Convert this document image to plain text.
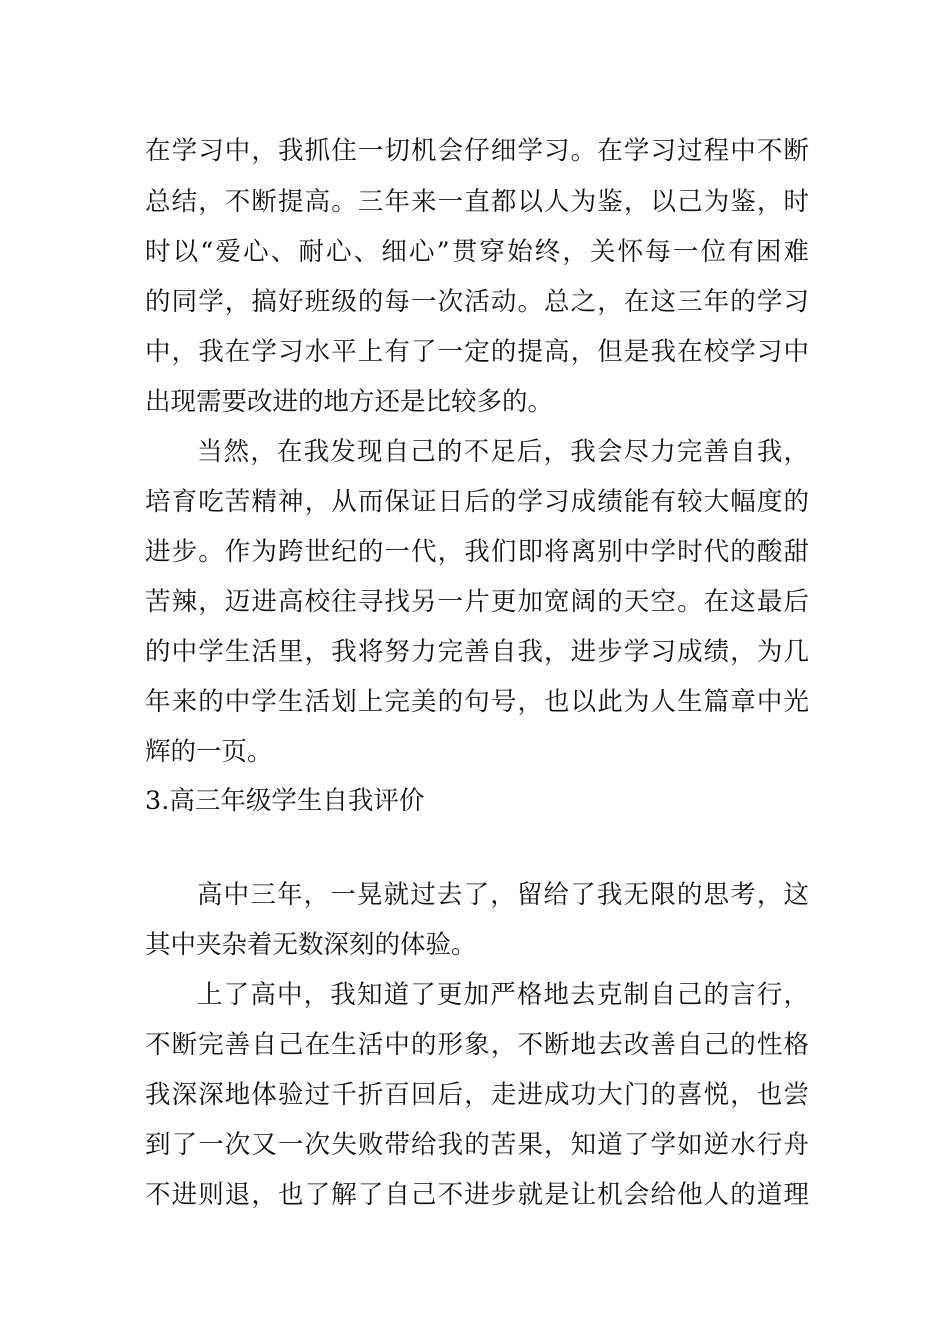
在学习中，我抓住一切机会仔细学习。在学习过程中不断
总结，不断提高。三年来一直都以人为鉴，以己为鉴，时
时以“爱心、耐心、细心”贯穿始终，关怀每一位有困难
的同学，搞好班级的每一次活动。总之，在这三年的学习
中，我在学习水平上有了一定的提高，但是我在校学习中
出现需要改进的地方还是比较多的。
当然，在我发现自己的不足后，我会尽力完善自我，
培育吃苦精神，从而保证日后的学习成绩能有较大幅度的
进步。作为跨世纪的一代，我们即将离别中学时代的酸甜
苦辣，迈进高校往寻找另一片更加宽阔的天空。在这最后
的中学生活里，我将努力完善自我，进步学习成绩，为几
年来的中学生活划上完美的句号，也以此为人生篇章中光
辉的一页。
3.高三年级学生自我评价
高中三年，一晃就过去了，留给了我无限的思考，这
其中夹杂着无数深刻的体验。
上了高中，我知道了更加严格地去克制自己的言行，
不断完善自己在生活中的形象，不断地去改善自己的性格
我深深地体验过千折百回后，走进成功大门的喜悦，也尝
到了一次又一次失败带给我的苦果，知道了学如逆水行舟
不进则退，也了解了自己不进步就是让机会给他人的道理
